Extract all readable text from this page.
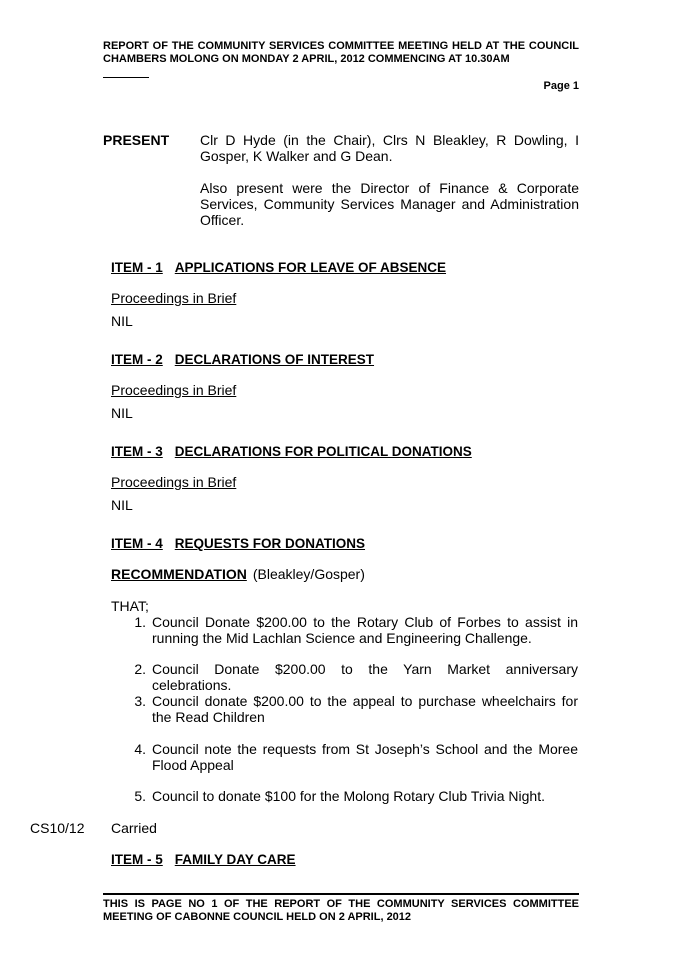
REPORT OF THE COMMUNITY SERVICES COMMITTEE MEETING HELD AT THE COUNCIL CHAMBERS MOLONG ON MONDAY 2 APRIL, 2012 COMMENCING AT 10.30AM
Page 1
PRESENT Clr D Hyde (in the Chair), Clrs N Bleakley, R Dowling, I Gosper, K Walker and G Dean.
Also present were the Director of Finance & Corporate Services, Community Services Manager and Administration Officer.
ITEM - 1 APPLICATIONS FOR LEAVE OF ABSENCE
Proceedings in Brief
NIL
ITEM - 2 DECLARATIONS OF INTEREST
Proceedings in Brief
NIL
ITEM - 3 DECLARATIONS FOR POLITICAL DONATIONS
Proceedings in Brief
NIL
ITEM - 4 REQUESTS FOR DONATIONS
RECOMMENDATION (Bleakley/Gosper)
THAT;
1. Council Donate $200.00 to the Rotary Club of Forbes to assist in running the Mid Lachlan Science and Engineering Challenge.
2. Council Donate $200.00 to the Yarn Market anniversary celebrations.
3. Council donate $200.00 to the appeal to purchase wheelchairs for the Read Children
4. Council note the requests from St Joseph’s School and the Moree Flood Appeal
5. Council to donate $100 for the Molong Rotary Club Trivia Night.
CS10/12 Carried
ITEM - 5 FAMILY DAY CARE
THIS IS PAGE NO 1 OF THE REPORT OF THE COMMUNITY SERVICES COMMITTEE MEETING OF CABONNE COUNCIL HELD ON 2 APRIL, 2012
